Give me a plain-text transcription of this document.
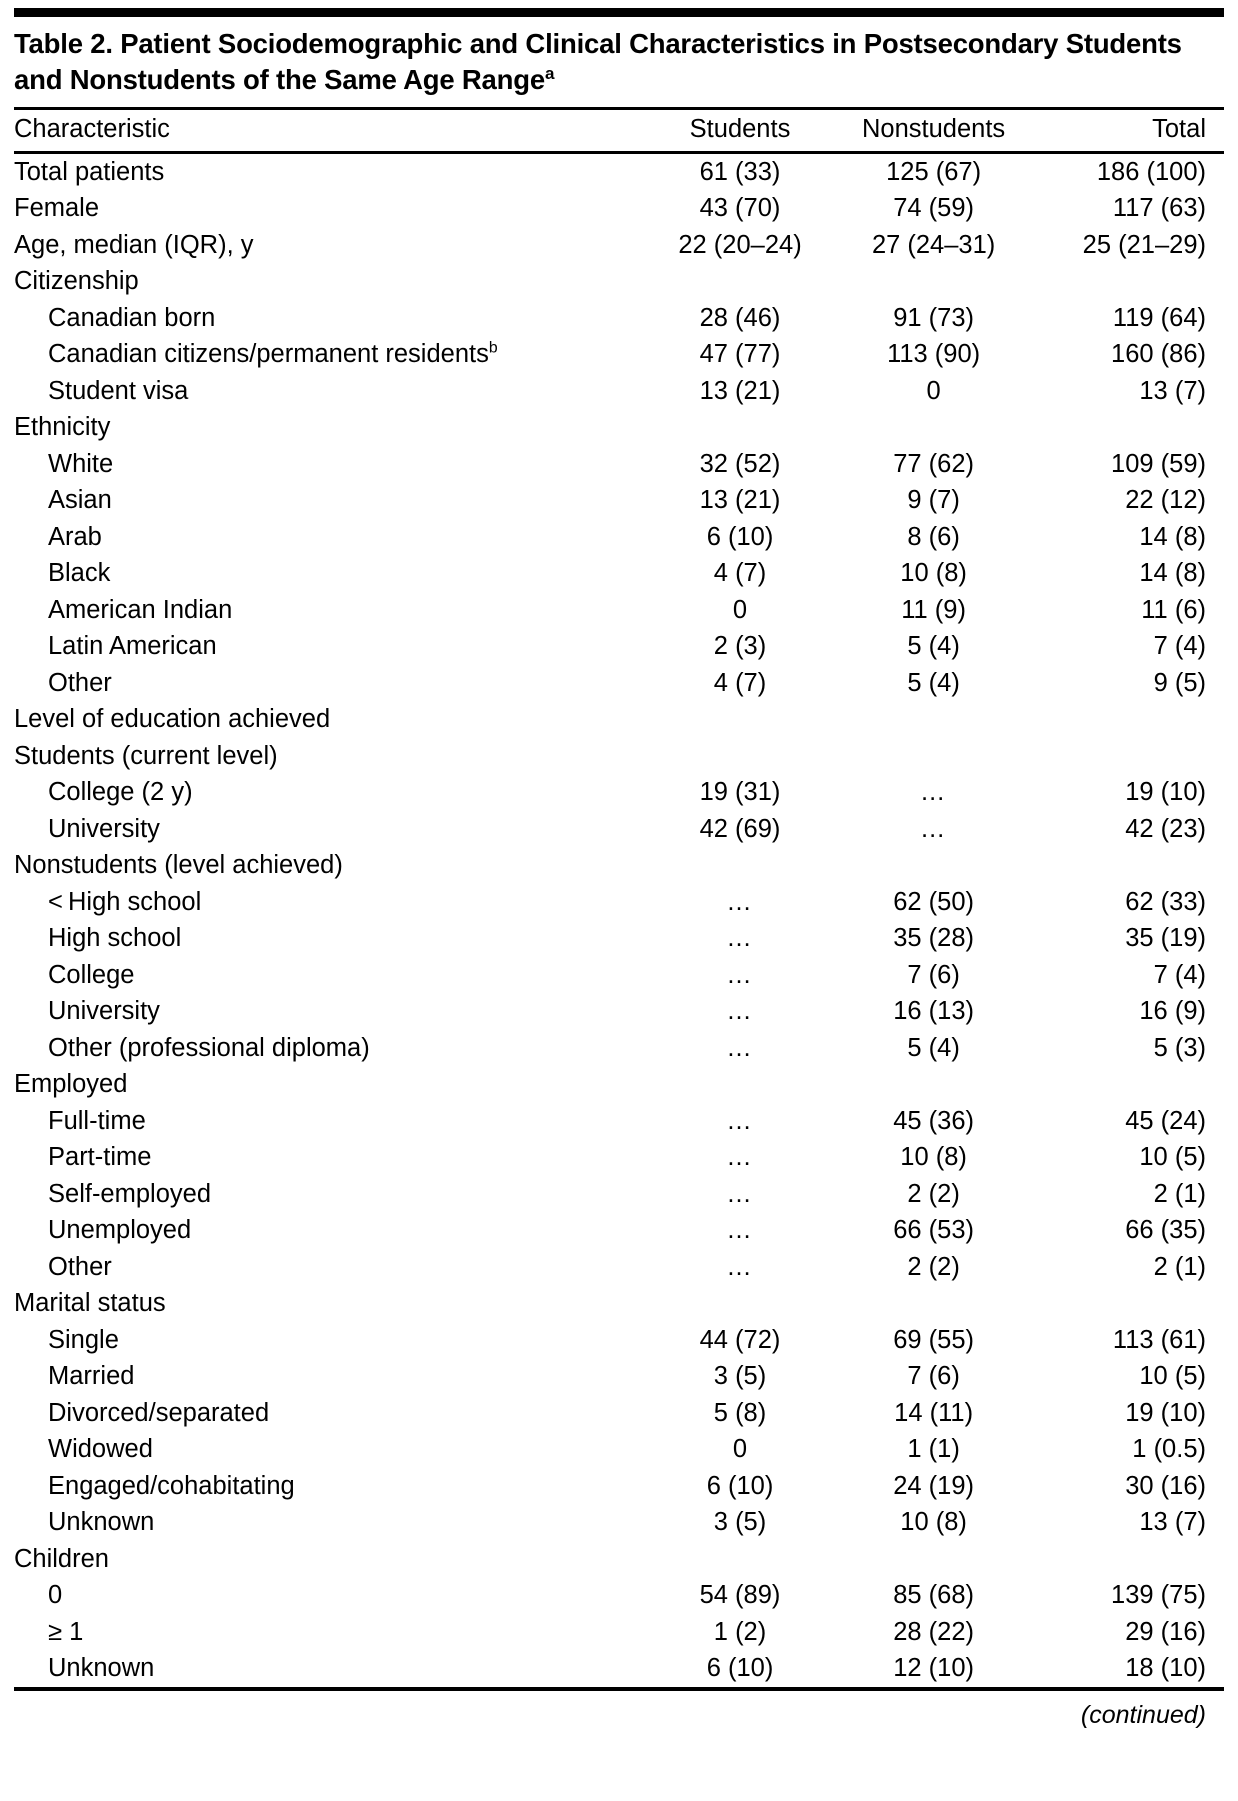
Table 2. Patient Sociodemographic and Clinical Characteristics in Postsecondary Students and Nonstudents of the Same Age Range$^a$
Characteristic	Students	Nonstudents	Total
Total patients	61 (33)	125 (67)	186 (100)
Female	43 (70)	74 (59)	117 (63)
Age, median (IQR), y	22 (20–24)	27 (24–31)	25 (21–29)
Citizenship			
Canadian born	28 (46)	91 (73)	119 (64)
Canadian citizens/permanent residents$^b$	47 (77)	113 (90)	160 (86)
Student visa	13 (21)	0	13 (7)
Ethnicity			
White	32 (52)	77 (62)	109 (59)
Asian	13 (21)	9 (7)	22 (12)
Arab	6 (10)	8 (6)	14 (8)
Black	4 (7)	10 (8)	14 (8)
American Indian	0	11 (9)	11 (6)
Latin American	2 (3)	5 (4)	7 (4)
Other	4 (7)	5 (4)	9 (5)
Level of education achieved			
Students (current level)			
College (2 y)	19 (31)	…	19 (10)
University	42 (69)	…	42 (23)
Nonstudents (level achieved)			
< High school	…	62 (50)	62 (33)
High school	…	35 (28)	35 (19)
College	…	7 (6)	7 (4)
University	…	16 (13)	16 (9)
Other (professional diploma)	…	5 (4)	5 (3)
Employed			
Full-time	…	45 (36)	45 (24)
Part-time	…	10 (8)	10 (5)
Self-employed	…	2 (2)	2 (1)
Unemployed	…	66 (53)	66 (35)
Other	…	2 (2)	2 (1)
Marital status			
Single	44 (72)	69 (55)	113 (61)
Married	3 (5)	7 (6)	10 (5)
Divorced/separated	5 (8)	14 (11)	19 (10)
Widowed	0	1 (1)	1 (0.5)
Engaged/cohabitating	6 (10)	24 (19)	30 (16)
Unknown	3 (5)	10 (8)	13 (7)
Children			
0	54 (89)	85 (68)	139 (75)
≥ 1	1 (2)	28 (22)	29 (16)
Unknown	6 (10)	12 (10)	18 (10)
(continued)
